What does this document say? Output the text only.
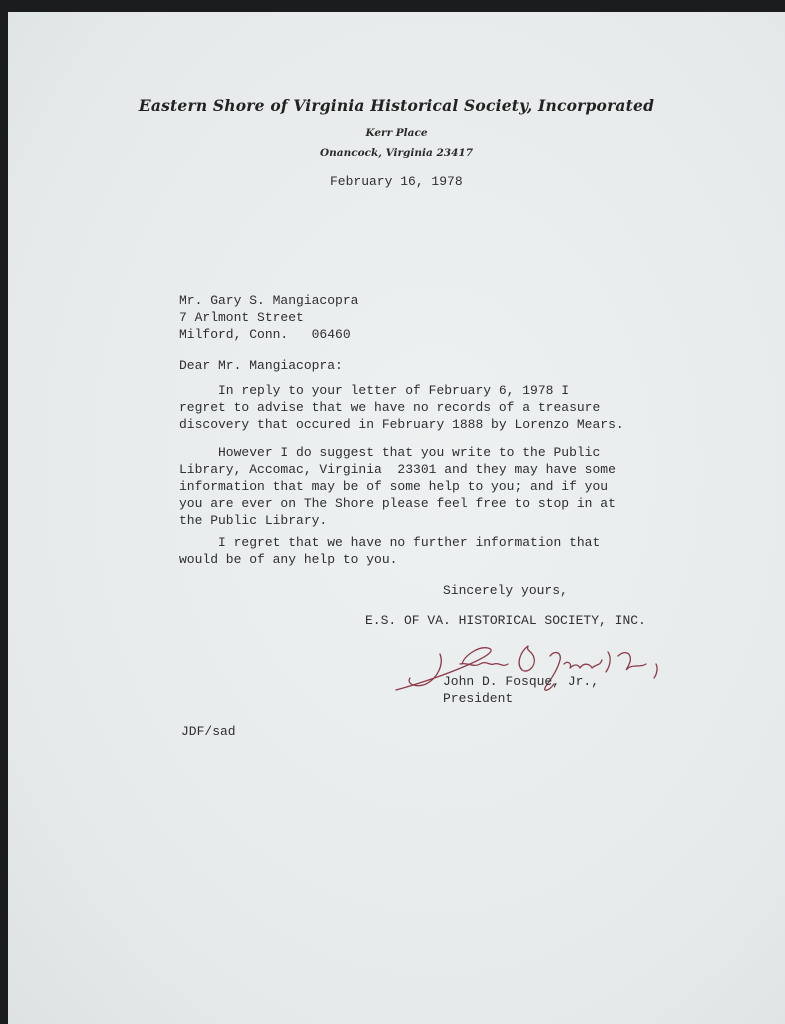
Eastern Shore of Virginia Historical Society, Incorporated
Kerr Place
Onancock, Virginia 23417
February 16, 1978
Mr. Gary S. Mangiacopra
7 Arlmont Street
Milford, Conn.   06460
Dear Mr. Mangiacopra:
In reply to your letter of February 6, 1978 I
regret to advise that we have no records of a treasure
discovery that occured in February 1888 by Lorenzo Mears.
However I do suggest that you write to the Public
Library, Accomac, Virginia  23301 and they may have some
information that may be of some help to you; and if you
you are ever on The Shore please feel free to stop in at
the Public Library.
I regret that we have no further information that
would be of any help to you.
Sincerely yours,
E.S. OF VA. HISTORICAL SOCIETY, INC.
John D. Fosque, Jr.,
President
JDF/sad
